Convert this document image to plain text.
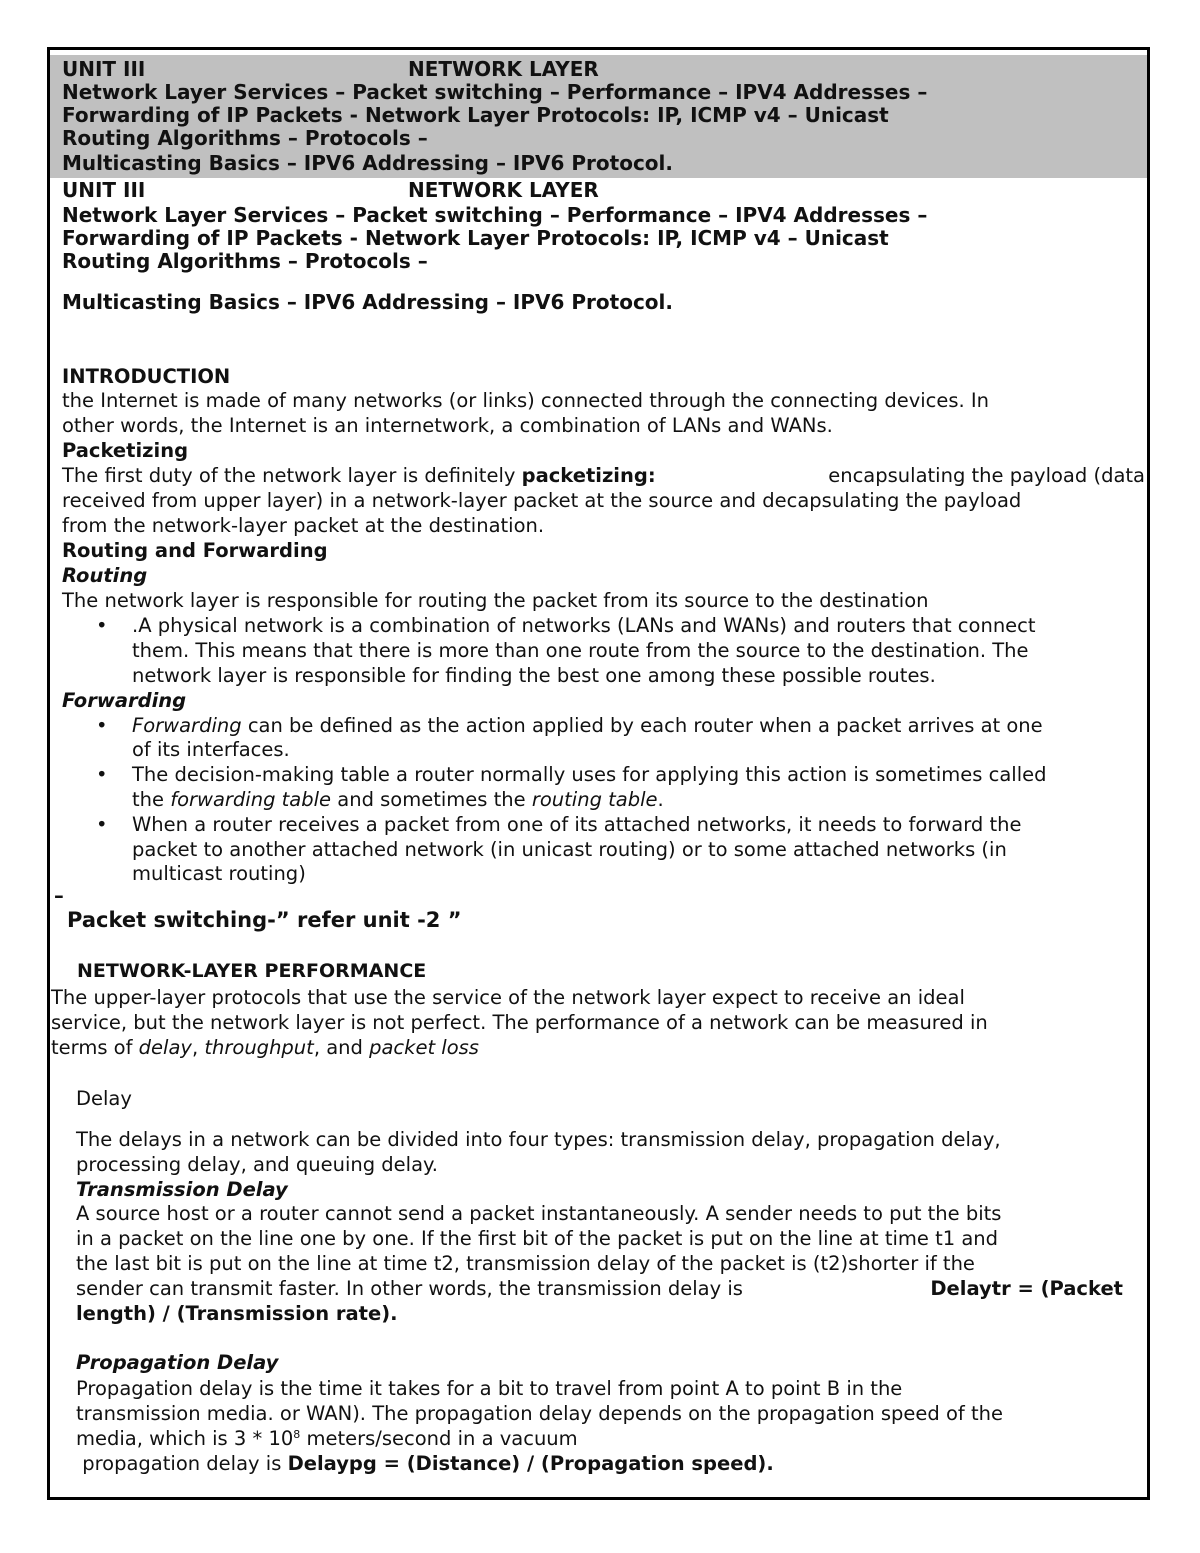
UNIT III	NETWORK LAYER
Network Layer Services – Packet switching – Performance – IPV4 Addresses –
Forwarding of IP Packets - Network Layer Protocols: IP, ICMP v4 – Unicast
Routing Algorithms – Protocols –
Multicasting Basics – IPV6 Addressing – IPV6 Protocol.
UNIT III	NETWORK LAYER
Network Layer Services – Packet switching – Performance – IPV4 Addresses –
Forwarding of IP Packets - Network Layer Protocols: IP, ICMP v4 – Unicast
Routing Algorithms – Protocols –
Multicasting Basics – IPV6 Addressing – IPV6 Protocol.
INTRODUCTION
the Internet is made of many networks (or links) connected through the connecting devices. In
other words, the Internet is an internetwork, a combination of LANs and WANs.
Packetizing
The first duty of the network layer is definitely packetizing:	encapsulating the payload (data
received from upper layer) in a network-layer packet at the source and decapsulating the payload
from the network-layer packet at the destination.
Routing and Forwarding
Routing
The network layer is responsible for routing the packet from its source to the destination
•	.A physical network is a combination of networks (LANs and WANs) and routers that connect
them. This means that there is more than one route from the source to the destination. The
network layer is responsible for finding the best one among these possible routes.
Forwarding
•	Forwarding can be defined as the action applied by each router when a packet arrives at one
of its interfaces.
•	The decision-making table a router normally uses for applying this action is sometimes called
the forwarding table and sometimes the routing table.
•	When a router receives a packet from one of its attached networks, it needs to forward the
packet to another attached network (in unicast routing) or to some attached networks (in
multicast routing)
–
Packet switching-” refer unit -2 ”
NETWORK-LAYER PERFORMANCE
The upper-layer protocols that use the service of the network layer expect to receive an ideal
service, but the network layer is not perfect. The performance of a network can be measured in
terms of delay, throughput, and packet loss
Delay
The delays in a network can be divided into four types: transmission delay, propagation delay,
processing delay, and queuing delay.
Transmission Delay
A source host or a router cannot send a packet instantaneously. A sender needs to put the bits
in a packet on the line one by one. If the first bit of the packet is put on the line at time t1 and
the last bit is put on the line at time t2, transmission delay of the packet is (t2)shorter if the
sender can transmit faster. In other words, the transmission delay is	Delaytr = (Packet
length) / (Transmission rate).
Propagation Delay
Propagation delay is the time it takes for a bit to travel from point A to point B in the
transmission media. or WAN). The propagation delay depends on the propagation speed of the
media, which is $3 * 10^8$ meters/second in a vacuum
propagation delay is Delaypg = (Distance) / (Propagation speed).
